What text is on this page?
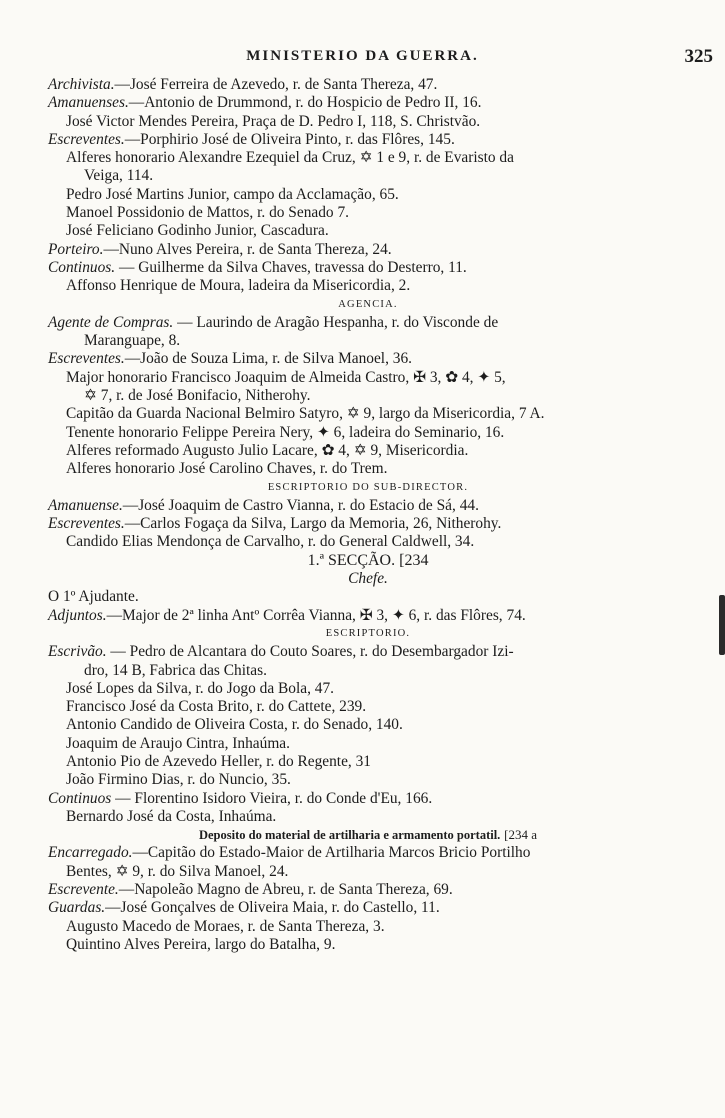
MINISTERIO DA GUERRA.	325
Archivista.—José Ferreira de Azevedo, r. de Santa Thereza, 47.
Amanuenses.—Antonio de Drummond, r. do Hospicio de Pedro II, 16.
José Victor Mendes Pereira, Praça de D. Pedro I, 118, S. Christvão.
Escreventes.—Porphirio José de Oliveira Pinto, r. das Flôres, 145.
Alferes honorario Alexandre Ezequiel da Cruz, ✡ 1 e 9, r. de Evaristo da
Veiga, 114.
Pedro José Martins Junior, campo da Acclamação, 65.
Manoel Possidonio de Mattos, r. do Senado 7.
José Feliciano Godinho Junior, Cascadura.
Porteiro.—Nuno Alves Pereira, r. de Santa Thereza, 24.
Continuos. — Guilherme da Silva Chaves, travessa do Desterro, 11.
Affonso Henrique de Moura, ladeira da Misericordia, 2.
AGENCIA.
Agente de Compras. — Laurindo de Aragão Hespanha, r. do Visconde de
Maranguape, 8.
Escreventes.—João de Souza Lima, r. de Silva Manoel, 36.
Major honorario Francisco Joaquim de Almeida Castro, ✠ 3, ✿ 4, ✦ 5,
✡ 7, r. de José Bonifacio, Nitherohy.
Capitão da Guarda Nacional Belmiro Satyro, ✡ 9, largo da Misericordia, 7 A.
Tenente honorario Felippe Pereira Nery, ✦ 6, ladeira do Seminario, 16.
Alferes reformado Augusto Julio Lacare, ✿ 4, ✡ 9, Misericordia.
Alferes honorario José Carolino Chaves, r. do Trem.
ESCRIPTORIO DO SUB-DIRECTOR.
Amanuense.—José Joaquim de Castro Vianna, r. do Estacio de Sá, 44.
Escreventes.—Carlos Fogaça da Silva, Largo da Memoria, 26, Nitherohy.
Candido Elias Mendonça de Carvalho, r. do General Caldwell, 34.
1.ª SECÇÃO. [234
Chefe.
O 1º Ajudante.
Adjuntos.—Major de 2ª linha Antº Corrêa Vianna, ✠ 3, ✦ 6, r. das Flôres, 74.
ESCRIPTORIO.
Escrivão. — Pedro de Alcantara do Couto Soares, r. do Desembargador Izi-
dro, 14 B, Fabrica das Chitas.
José Lopes da Silva, r. do Jogo da Bola, 47.
Francisco José da Costa Brito, r. do Cattete, 239.
Antonio Candido de Oliveira Costa, r. do Senado, 140.
Joaquim de Araujo Cintra, Inhaúma.
Antonio Pio de Azevedo Heller, r. do Regente, 31
João Firmino Dias, r. do Nuncio, 35.
Continuos — Florentino Isidoro Vieira, r. do Conde d'Eu, 166.
Bernardo José da Costa, Inhaúma.
Deposito do material de artilharia e armamento portatil. [234 a
Encarregado.—Capitão do Estado-Maior de Artilharia Marcos Bricio Portilho
Bentes, ✡ 9, r. do Silva Manoel, 24.
Escrevente.—Napoleão Magno de Abreu, r. de Santa Thereza, 69.
Guardas.—José Gonçalves de Oliveira Maia, r. do Castello, 11.
Augusto Macedo de Moraes, r. de Santa Thereza, 3.
Quintino Alves Pereira, largo do Batalha, 9.
